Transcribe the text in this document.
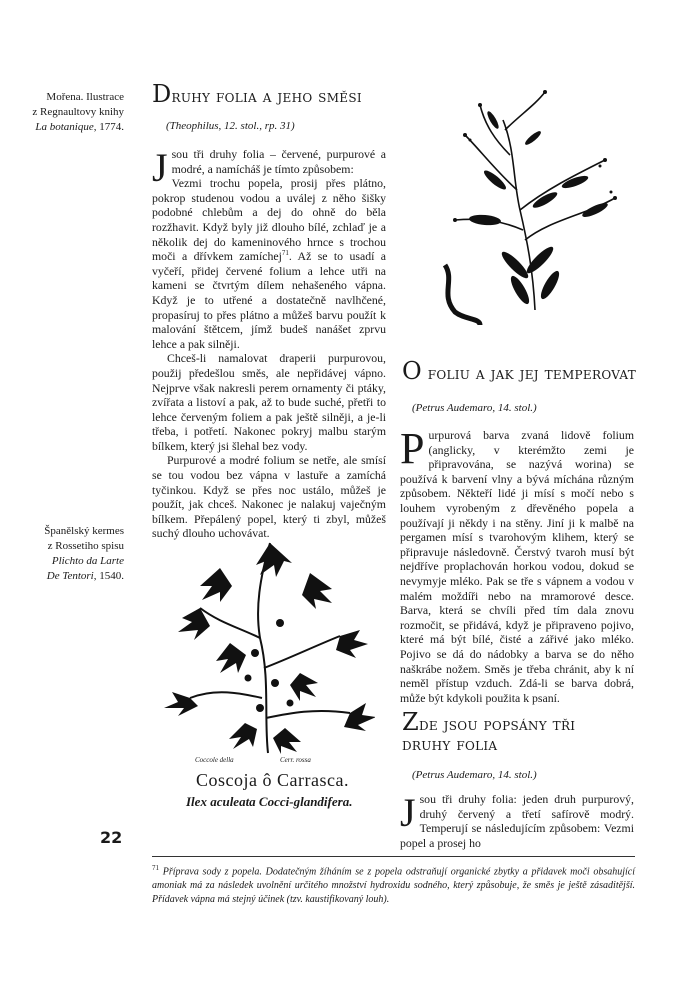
Mořena. Ilustrace
z Regnaultovy knihy
La botanique, 1774.
Španělský kermes
z Rossetiho spisu
Plichto da Larte
De Tentori, 1540.
Druhy folia a jeho směsi
(Theophilus, 12. stol., rp. 31)

Jsou tři druhy folia – červené, purpurové a modré, a namícháš je tímto způsobem:

Vezmi trochu popela, prosij přes plátno, pokrop studenou vodou a uválej z něho šišky podobné chlebům a dej do ohně do běla rozžhavit. Když byly již dlouho bílé, zchlaď je a několik dej do kameninového hrnce s trochou moči a dřívkem zamíchej$^{71}$. Až se to usadí a vyčeří, přidej červené folium a lehce utři na kameni se čtvrtým dílem nehašeného vápna. Když je to utřené a dostatečně navlhčené, propasíruj to přes plátno a můžeš barvu použít k malování štětcem, jímž budeš nanášet zprvu lehce a pak silněji.

Chceš-li namalovat draperii purpurovou, použij předešlou směs, ale nepřidávej vápno. Nejprve však nakresli perem ornamenty či ptáky, zvířata a listoví a pak, až to bude suché, přetři to lehce červeným foliem a pak ještě silněji, a je-li třeba, i potřetí. Nakonec pokryj malbu starým bílkem, který jsi šlehal bez vody.

Purpurové a modré folium se netře, ale smísí se tou vodou bez vápna v lastuře a zamíchá tyčinkou. Když se přes noc ustálo, můžeš je použít, jak chceš. Nakonec je nalakuj vaječným bílkem. Přepálený popel, který ti zbyl, můžeš suchý dlouho uchovávat.

O foliu a jak jej temperovat
(Petrus Audemaro, 14. stol.)

Purpurová barva zvaná lidově folium (anglicky, v kterémžto zemi je připravována, se nazývá worina) se používá k barvení vlny a bývá míchána různým způsobem. Někteří lidé ji mísí s močí nebo s louhem vyrobeným z dřevěného popela a používají ji někdy i na stěny. Jiní ji k malbě na pergamen mísí s tvarohovým klihem, který se připravuje následovně. Čerstvý tvaroh musí být nejdříve proplachován horkou vodou, dokud se nevymyje mléko. Pak se tře s vápnem a vodou v malém moždíři nebo na mramorové desce. Barva, která se chvíli před tím dala znovu rozmočit, se přidává, když je připraveno pojivo, které má být bílé, čisté a zářivé jako mléko. Pojivo se dá do nádobky a barva se do něho naškrábe nožem. Směs je třeba chránit, aby k ní neměl přístup vzduch. Zdá-li se barva dobrá, může být kdykoli použita k psaní.

Zde jsou popsány tři
druhy folia
(Petrus Audemaro, 14. stol.)

Jsou tři druhy folia: jeden druh purpurový, druhý červený a třetí safírově modrý. Temperují se následujícím způsobem: Vezmi popel a prosej ho

Coccole della	Cerr. rossa
Coscoja ô Carrasca.
Ilex aculeata Cocci-glandifera.
22
$^{71}$ Příprava sody z popela. Dodatečným žíháním se z popela odstraňují organické zbytky a přidavek moči obsahující amoniak má za následek uvolnění určitého množství hydroxidu sodného, který způsobuje, že směs je ještě zásaditější. Přídavek vápna má stejný účinek (tzv. kaustifikovaný louh).
